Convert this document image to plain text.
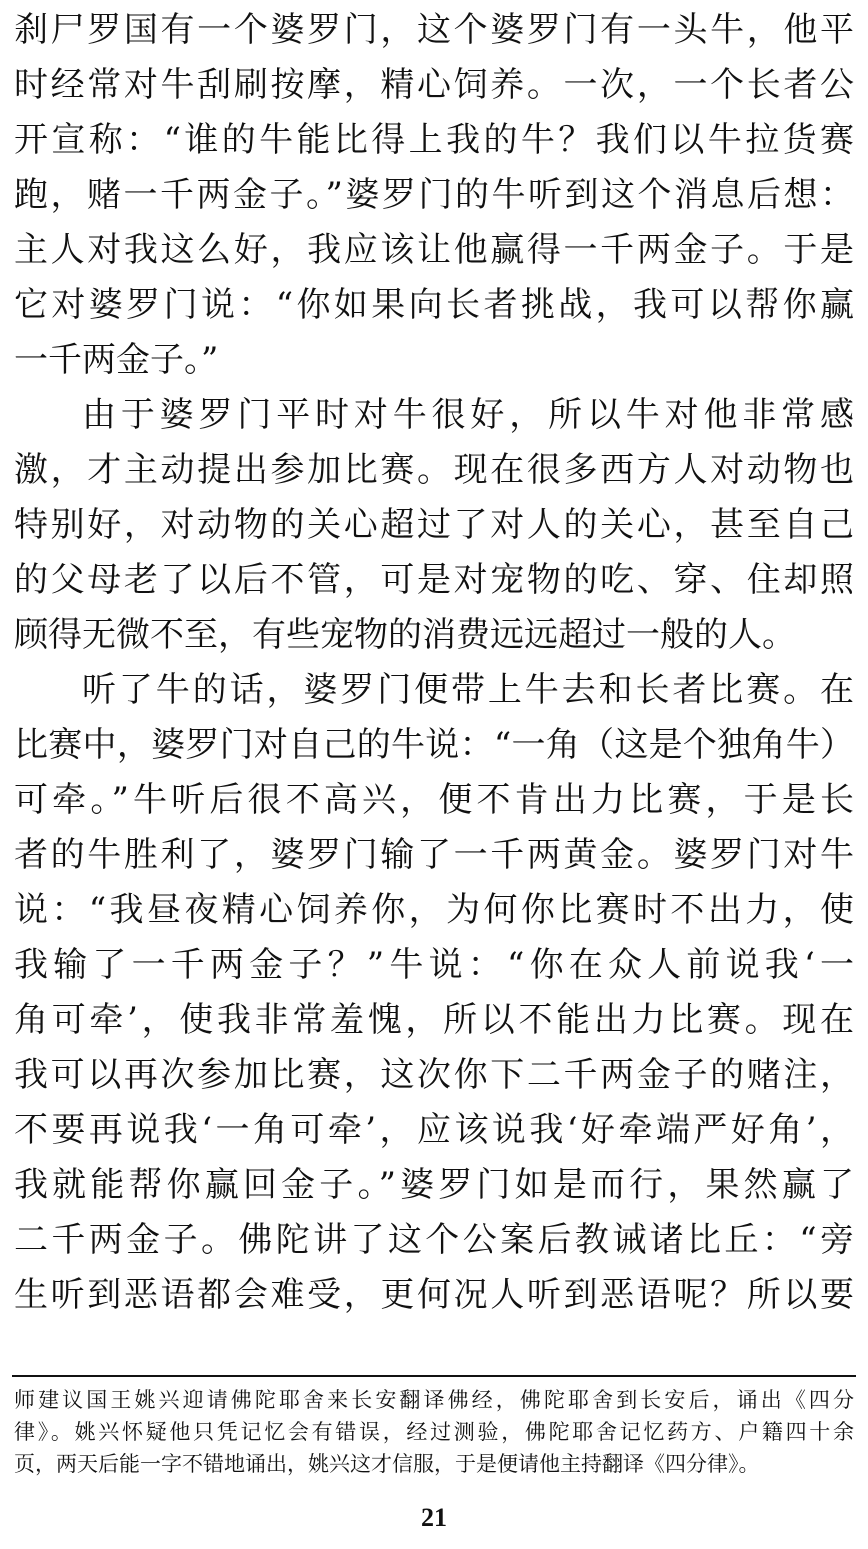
刹尸罗国有一个婆罗门，这个婆罗门有一头牛，他平
时经常对牛刮刷按摩，精心饲养。一次，一个长者公
开宣称：“谁的牛能比得上我的牛？我们以牛拉货赛
跑，赌一千两金子。”婆罗门的牛听到这个消息后想：
主人对我这么好，我应该让他赢得一千两金子。于是
它对婆罗门说：“你如果向长者挑战，我可以帮你赢
一千两金子。”
由于婆罗门平时对牛很好，所以牛对他非常感
激，才主动提出参加比赛。现在很多西方人对动物也
特别好，对动物的关心超过了对人的关心，甚至自己
的父母老了以后不管，可是对宠物的吃、穿、住却照
顾得无微不至，有些宠物的消费远远超过一般的人。
听了牛的话，婆罗门便带上牛去和长者比赛。在
比赛中，婆罗门对自己的牛说：“一角（这是个独角牛）
可牵。”牛听后很不高兴，便不肯出力比赛，于是长
者的牛胜利了，婆罗门输了一千两黄金。婆罗门对牛
说：“我昼夜精心饲养你，为何你比赛时不出力，使
我输了一千两金子？”牛说：“你在众人前说我‘一
角可牵’，使我非常羞愧，所以不能出力比赛。现在
我可以再次参加比赛，这次你下二千两金子的赌注，
不要再说我‘一角可牵’，应该说我‘好牵端严好角’，
我就能帮你赢回金子。”婆罗门如是而行，果然赢了
二千两金子。佛陀讲了这个公案后教诫诸比丘：“旁
生听到恶语都会难受，更何况人听到恶语呢？所以要
师建议国王姚兴迎请佛陀耶舍来长安翻译佛经，佛陀耶舍到长安后，诵出《四分
律》。姚兴怀疑他只凭记忆会有错误，经过测验，佛陀耶舍记忆药方、户籍四十余
页，两天后能一字不错地诵出，姚兴这才信服，于是便请他主持翻译《四分律》。
21
